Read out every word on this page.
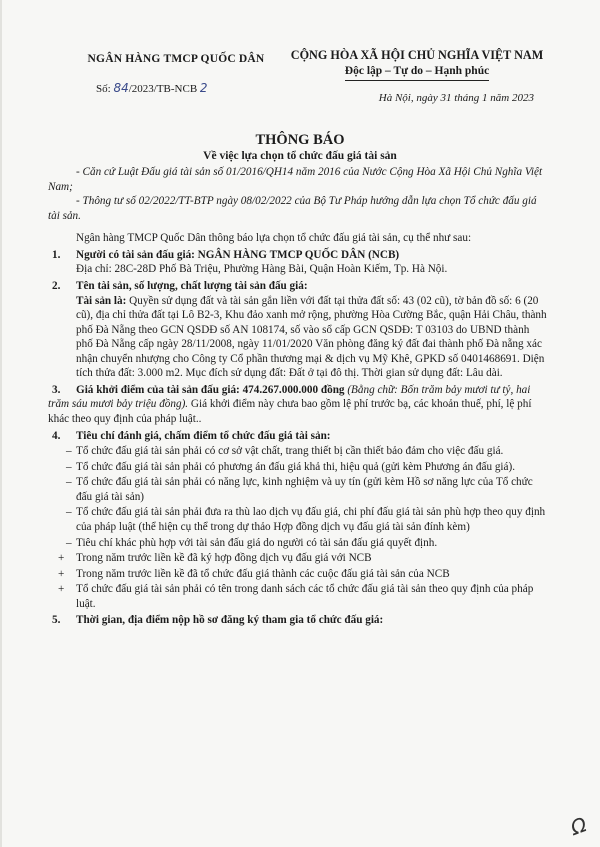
NGÂN HÀNG TMCP QUỐC DÂN
Số: 84/2023/TB-NCB 2
CỘNG HÒA XÃ HỘI CHỦ NGHĨA VIỆT NAM
Độc lập – Tự do – Hạnh phúc
Hà Nội, ngày 31 tháng 1 năm 2023
THÔNG BÁO
Về việc lựa chọn tổ chức đấu giá tài sản

- Căn cứ Luật Đấu giá tài sản số 01/2016/QH14 năm 2016 của Nước Cộng Hòa Xã Hội Chủ Nghĩa Việt Nam;

- Thông tư số 02/2022/TT-BTP ngày 08/02/2022 của Bộ Tư Pháp hướng dẫn lựa chọn Tổ chức đấu giá tài sản.

Ngân hàng TMCP Quốc Dân thông báo lựa chọn tổ chức đấu giá tài sản, cụ thể như sau:

1. Người có tài sản đấu giá: NGÂN HÀNG TMCP QUỐC DÂN (NCB)
Địa chỉ: 28C-28D Phố Bà Triệu, Phường Hàng Bài, Quận Hoàn Kiếm, Tp. Hà Nội.
2. Tên tài sản, số lượng, chất lượng tài sản đấu giá:
Tài sản là: Quyền sử dụng đất và tài sản gắn liền với đất tại thửa đất số: 43 (02 cũ), tờ bản đồ số: 6 (20 cũ), địa chỉ thửa đất tại Lô B2-3, Khu đảo xanh mở rộng, phường Hòa Cường Bắc, quận Hải Châu, thành phố Đà Nẵng theo GCN QSDĐ số AN 108174, số vào sổ cấp GCN QSDĐ: T 03103 do UBND thành phố Đà Nẵng cấp ngày 28/11/2008, ngày 11/01/2020 Văn phòng đăng ký đất đai thành phố Đà nẵng xác nhận chuyển nhượng cho Công ty Cổ phần thương mại & dịch vụ Mỹ Khê, GPKD số 0401468691. Diện tích thửa đất: 3.000 m2. Mục đích sử dụng đất: Đất ở tại đô thị. Thời gian sử dụng đất: Lâu dài.
3. Giá khởi điểm của tài sản đấu giá: 474.267.000.000 đồng (Bằng chữ: Bốn trăm bảy mươi tư tỷ, hai trăm sáu mươi bảy triệu đồng). Giá khởi điểm này chưa bao gồm lệ phí trước bạ, các khoản thuế, phí, lệ phí khác theo quy định của pháp luật..
4. Tiêu chí đánh giá, chấm điểm tổ chức đấu giá tài sản:
– Tổ chức đấu giá tài sản phải có cơ sở vật chất, trang thiết bị cần thiết bảo đảm cho việc đấu giá.
– Tổ chức đấu giá tài sản phải có phương án đấu giá khả thi, hiệu quả (gửi kèm Phương án đấu giá).
– Tổ chức đấu giá tài sản phải có năng lực, kinh nghiệm và uy tín (gửi kèm Hồ sơ năng lực của Tổ chức đấu giá tài sản)
– Tổ chức đấu giá tài sản phải đưa ra thù lao dịch vụ đấu giá, chi phí đấu giá tài sản phù hợp theo quy định của pháp luật (thể hiện cụ thể trong dự thảo Hợp đồng dịch vụ đấu giá tài sản đính kèm)
– Tiêu chí khác phù hợp với tài sản đấu giá do người có tài sản đấu giá quyết định.
+ Trong năm trước liền kề đã ký hợp đồng dịch vụ đấu giá với NCB
+ Trong năm trước liền kề đã tổ chức đấu giá thành các cuộc đấu giá tài sản của NCB
+ Tổ chức đấu giá tài sản phải có tên trong danh sách các tổ chức đấu giá tài sản theo quy định của pháp luật.
5. Thời gian, địa điểm nộp hồ sơ đăng ký tham gia tổ chức đấu giá:
Ω
